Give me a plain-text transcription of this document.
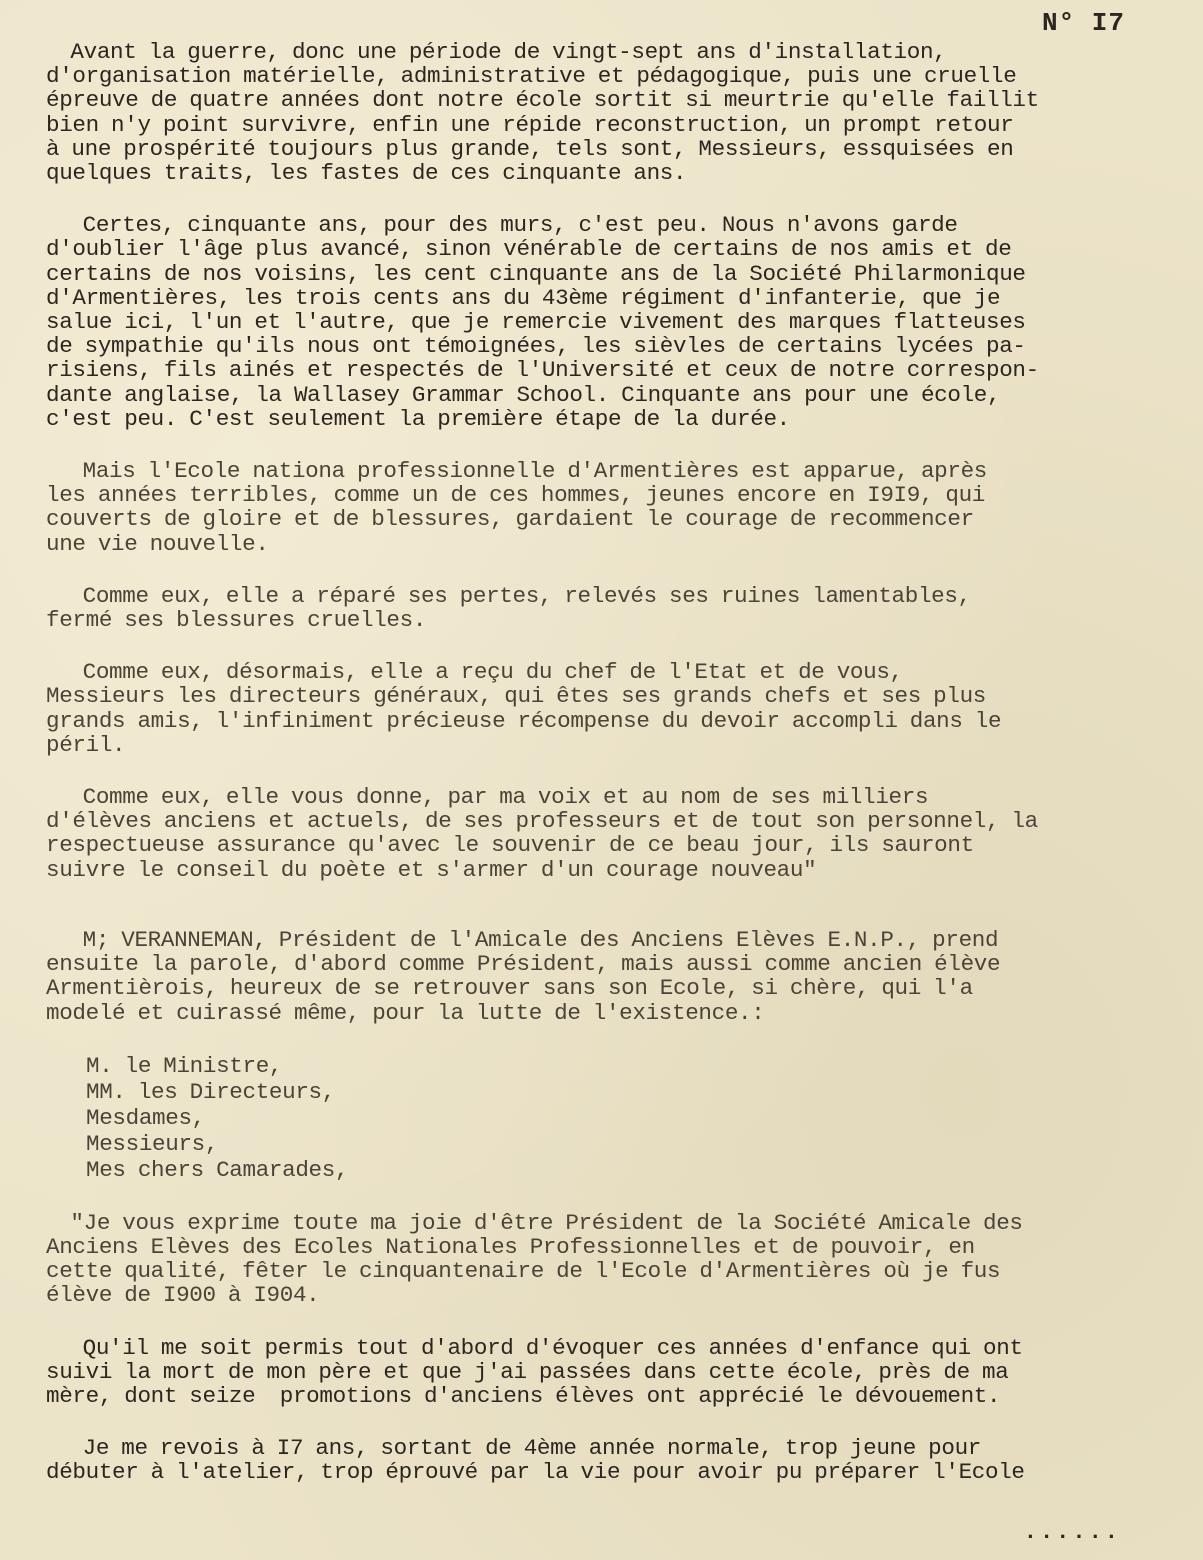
N° I7
Avant la guerre, donc une période de vingt-sept ans d'installation,
d'organisation matérielle, administrative et pédagogique, puis une cruelle
épreuve de quatre années dont notre école sortit si meurtrie qu'elle faillit
bien n'y point survivre, enfin une répide reconstruction, un prompt retour
à une prospérité toujours plus grande, tels sont, Messieurs, essquisées en
quelques traits, les fastes de ces cinquante ans.
Certes, cinquante ans, pour des murs, c'est peu. Nous n'avons garde
d'oublier l'âge plus avancé, sinon vénérable de certains de nos amis et de
certains de nos voisins, les cent cinquante ans de la Société Philarmonique
d'Armentières, les trois cents ans du 43ème régiment d'infanterie, que je
salue ici, l'un et l'autre, que je remercie vivement des marques flatteuses
de sympathie qu'ils nous ont témoignées, les sièvles de certains lycées pa-
risiens, fils ainés et respectés de l'Université et ceux de notre correspon-
dante anglaise, la Wallasey Grammar School. Cinquante ans pour une école,
c'est peu. C'est seulement la première étape de la durée.
Mais l'Ecole nationa professionnelle d'Armentières est apparue, après
les années terribles, comme un de ces hommes, jeunes encore en I9I9, qui
couverts de gloire et de blessures, gardaient le courage de recommencer
une vie nouvelle.
Comme eux, elle a réparé ses pertes, relevés ses ruines lamentables,
fermé ses blessures cruelles.
Comme eux, désormais, elle a reçu du chef de l'Etat et de vous,
Messieurs les directeurs généraux, qui êtes ses grands chefs et ses plus
grands amis, l'infiniment précieuse récompense du devoir accompli dans le
péril.
Comme eux, elle vous donne, par ma voix et au nom de ses milliers
d'élèves anciens et actuels, de ses professeurs et de tout son personnel, la
respectueuse assurance qu'avec le souvenir de ce beau jour, ils sauront
suivre le conseil du poète et s'armer d'un courage nouveau"
M; VERANNEMAN, Président de l'Amicale des Anciens Elèves E.N.P., prend
ensuite la parole, d'abord comme Président, mais aussi comme ancien élève
Armentièrois, heureux de se retrouver sans son Ecole, si chère, qui l'a
modelé et cuirassé même, pour la lutte de l'existence.:
M. le Ministre,
MM. les Directeurs,
Mesdames,
Messieurs,
Mes chers Camarades,
"Je vous exprime toute ma joie d'être Président de la Société Amicale des
Anciens Elèves des Ecoles Nationales Professionnelles et de pouvoir, en
cette qualité, fêter le cinquantenaire de l'Ecole d'Armentières où je fus
élève de I900 à I904.
Qu'il me soit permis tout d'abord d'évoquer ces années d'enfance qui ont
suivi la mort de mon père et que j'ai passées dans cette école, près de ma
mère, dont seize  promotions d'anciens élèves ont apprécié le dévouement.
Je me revois à I7 ans, sortant de 4ème année normale, trop jeune pour
débuter à l'atelier, trop éprouvé par la vie pour avoir pu préparer l'Ecole
......
